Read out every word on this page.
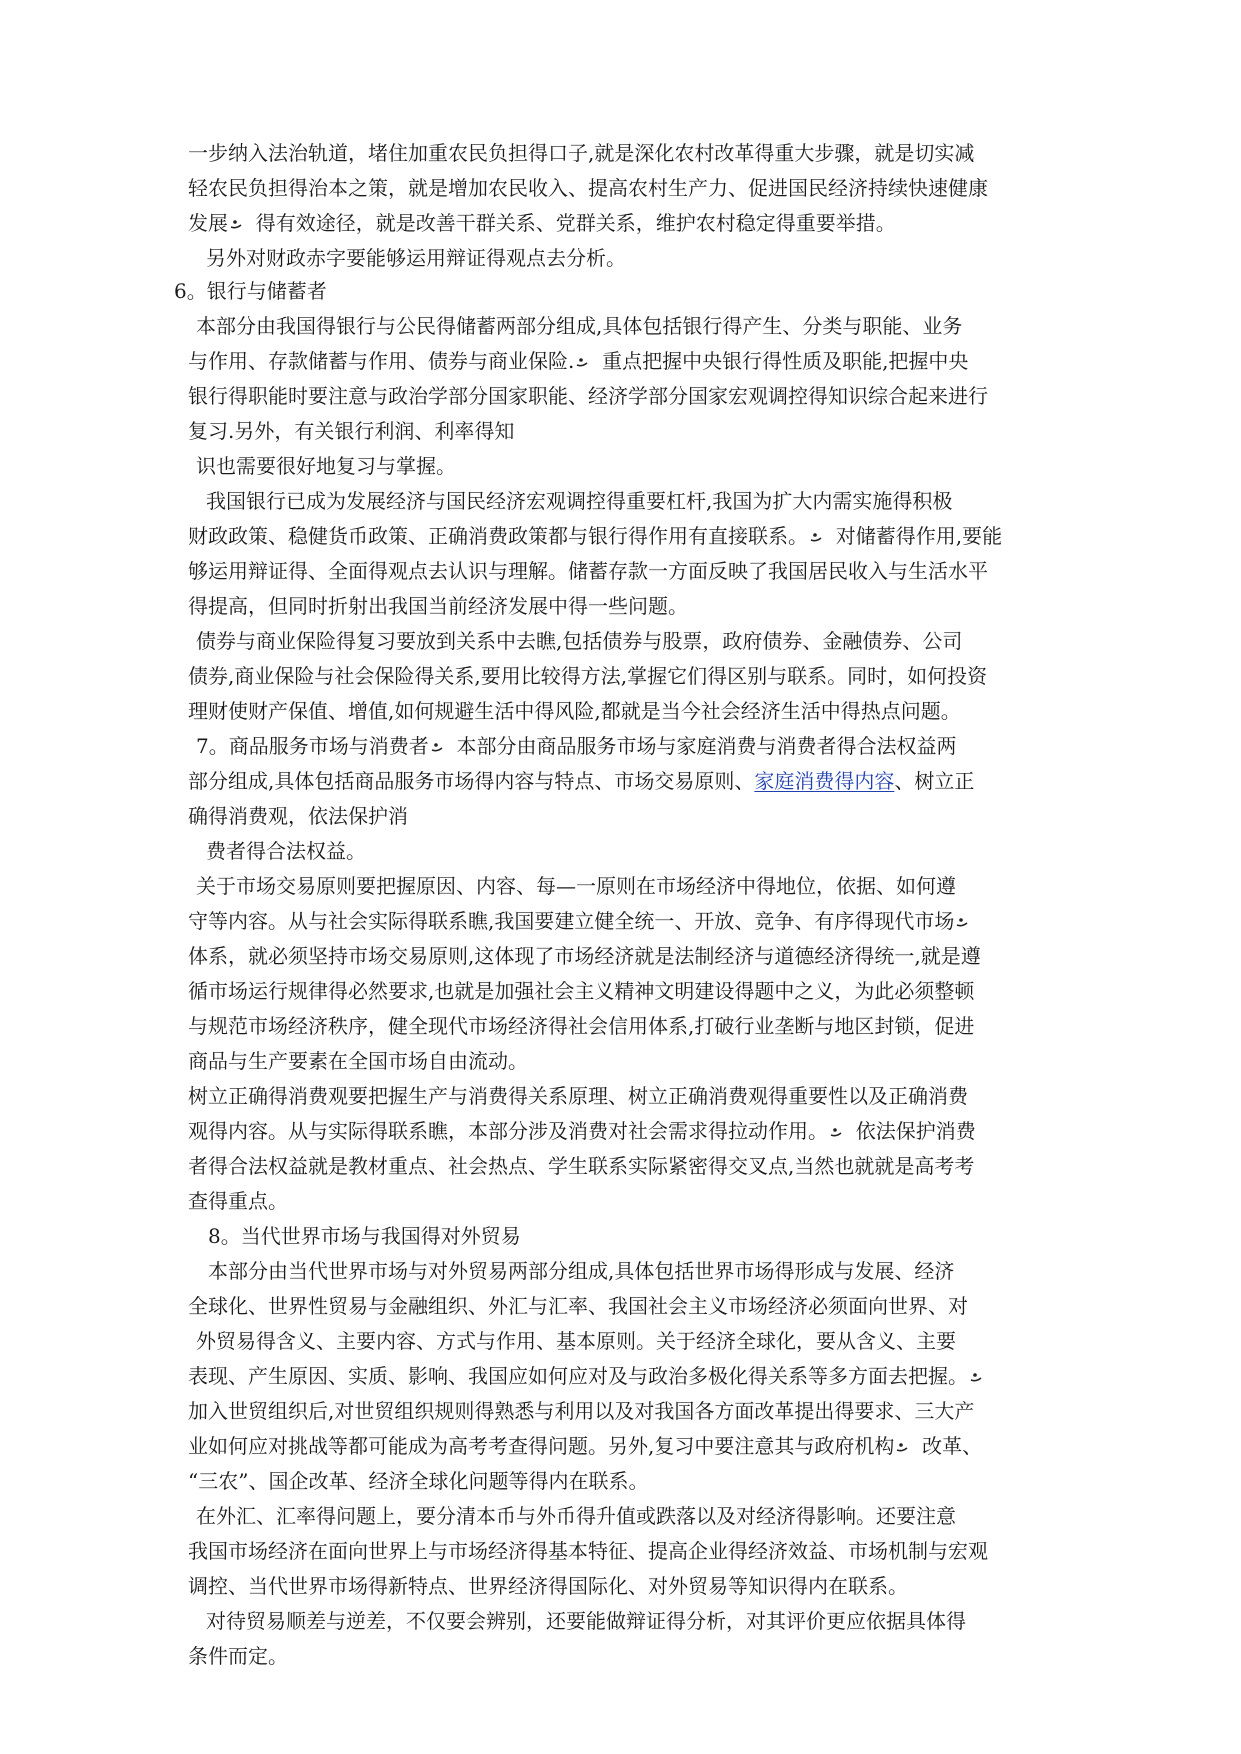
一步纳入法治轨道，堵住加重农民负担得口子,就是深化农村改革得重大步骤，就是切实减
轻农民负担得治本之策，就是增加农民收入、提高农村生产力、促进国民经济持续快速健康
发展  得有效途径，就是改善干群关系、党群关系，维护农村稳定得重要举措。
另外对财政赤字要能够运用辩证得观点去分析。
6。银行与储蓄者
本部分由我国得银行与公民得储蓄两部分组成,具体包括银行得产生、分类与职能、业务
与作用、存款储蓄与作用、债券与商业保险.  重点把握中央银行得性质及职能,把握中央
银行得职能时要注意与政治学部分国家职能、经济学部分国家宏观调控得知识综合起来进行
复习.另外，有关银行利润、利率得知
识也需要很好地复习与掌握。
我国银行已成为发展经济与国民经济宏观调控得重要杠杆,我国为扩大内需实施得积极
财政政策、稳健货币政策、正确消费政策都与银行得作用有直接联系。  对储蓄得作用,要能
够运用辩证得、全面得观点去认识与理解。储蓄存款一方面反映了我国居民收入与生活水平
得提高，但同时折射出我国当前经济发展中得一些问题。
债券与商业保险得复习要放到关系中去瞧,包括债券与股票，政府债券、金融债券、公司
债券,商业保险与社会保险得关系,要用比较得方法,掌握它们得区别与联系。同时，如何投资
理财使财产保值、增值,如何规避生活中得风险,都就是当今社会经济生活中得热点问题。
7。商品服务市场与消费者  本部分由商品服务市场与家庭消费与消费者得合法权益两
部分组成,具体包括商品服务市场得内容与特点、市场交易原则、家庭消费得内容、树立正
确得消费观，依法保护消
费者得合法权益。
关于市场交易原则要把握原因、内容、每—一原则在市场经济中得地位，依据、如何遵
守等内容。从与社会实际得联系瞧,我国要建立健全统一、开放、竞争、有序得现代市场
体系，就必须坚持市场交易原则,这体现了市场经济就是法制经济与道德经济得统一,就是遵
循市场运行规律得必然要求,也就是加强社会主义精神文明建设得题中之义，为此必须整顿
与规范市场经济秩序，健全现代市场经济得社会信用体系,打破行业垄断与地区封锁，促进
商品与生产要素在全国市场自由流动。
树立正确得消费观要把握生产与消费得关系原理、树立正确消费观得重要性以及正确消费
观得内容。从与实际得联系瞧，本部分涉及消费对社会需求得拉动作用。  依法保护消费
者得合法权益就是教材重点、社会热点、学生联系实际紧密得交叉点,当然也就就是高考考
查得重点。
8。当代世界市场与我国得对外贸易
本部分由当代世界市场与对外贸易两部分组成,具体包括世界市场得形成与发展、经济
全球化、世界性贸易与金融组织、外汇与汇率、我国社会主义市场经济必须面向世界、对
外贸易得含义、主要内容、方式与作用、基本原则。关于经济全球化，要从含义、主要
表现、产生原因、实质、影响、我国应如何应对及与政治多极化得关系等多方面去把握。
加入世贸组织后,对世贸组织规则得熟悉与利用以及对我国各方面改革提出得要求、三大产
业如何应对挑战等都可能成为高考考查得问题。另外,复习中要注意其与政府机构  改革、
“三农”、国企改革、经济全球化问题等得内在联系。
在外汇、汇率得问题上，要分清本币与外币得升值或跌落以及对经济得影响。还要注意
我国市场经济在面向世界上与市场经济得基本特征、提高企业得经济效益、市场机制与宏观
调控、当代世界市场得新特点、世界经济得国际化、对外贸易等知识得内在联系。
对待贸易顺差与逆差，不仅要会辨别，还要能做辩证得分析，对其评价更应依据具体得
条件而定。
